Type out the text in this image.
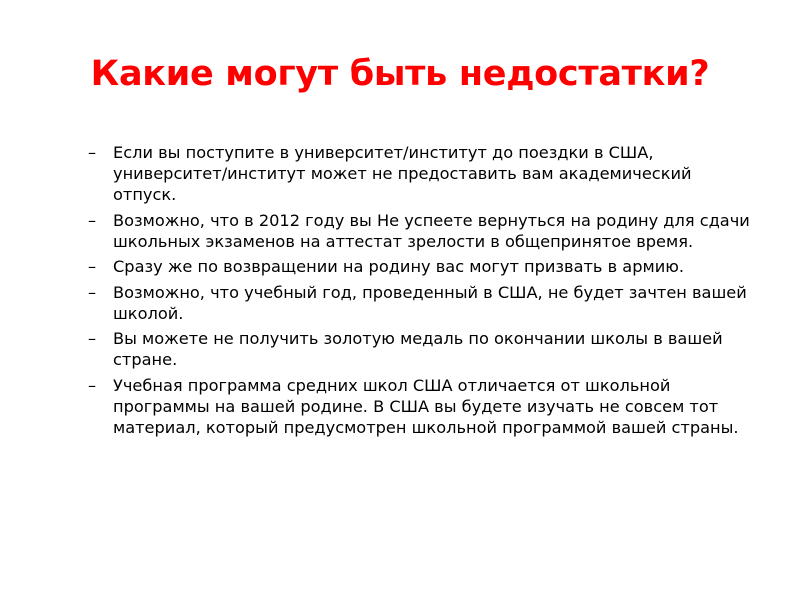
Какие могут быть недостатки?
–	Если вы поступите в университет/институт до поездки в США, университет/институт может не предоставить вам академический отпуск.
–	Возможно, что в 2012 году вы Не успеете вернуться на родину для сдачи школьных экзаменов на аттестат зрелости в общепринятое время.
–	Сразу же по возвращении на родину вас могут призвать в армию.
–	Возможно, что учебный год, проведенный в США, не будет зачтен вашей школой.
–	Вы можете не получить золотую медаль по окончании школы в вашей стране.
–	Учебная программа средних школ США отличается от школьной программы на вашей родине. В США вы будете изучать не совсем тот материал, который предусмотрен школьной программой вашей страны.
